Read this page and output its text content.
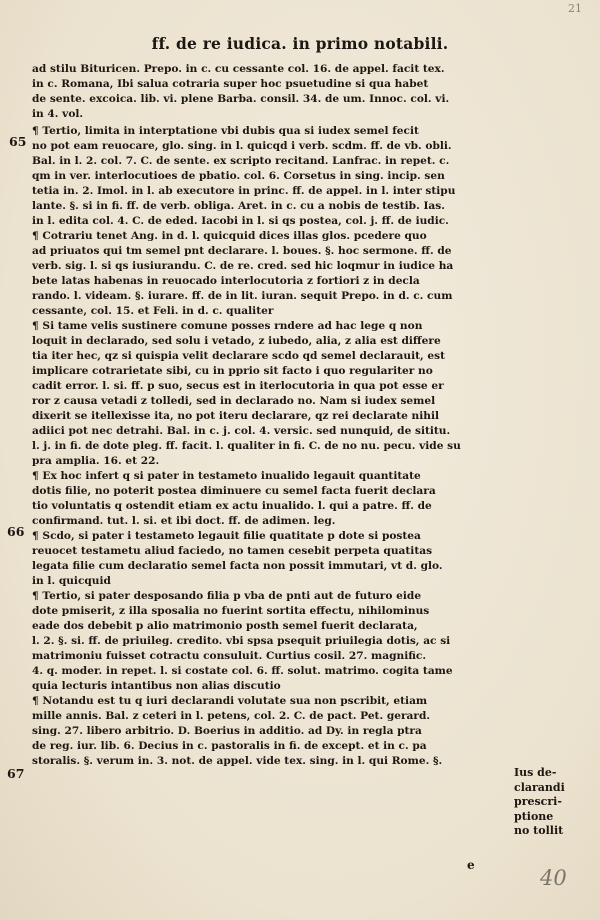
21
ff. de re iudica. in primo notabili.
65
66
67
ad stilu Bituricen. Prepo. in c. cu cessante col. 16. de appel. facit tex.
in c. Romana, Ibi salua cotraria super hoc psuetudine si qua habet
de sente. excoica. lib. vi. plene Barba. consil. 34. de um. Innoc. col. vi.
in 4. vol.
¶ Tertio, limita in interptatione vbi dubis qua si iudex semel fecit
no pot eam reuocare, glo. sing. in l. quicqd i verb. scdm. ff. de vb. obli.
Bal. in l. 2. col. 7. C. de sente. ex scripto recitand. Lanfrac. in repet. c.
qm in ver. interlocutioes de pbatio. col. 6. Corsetus in sing. incip. sen
tetia in. 2. Imol. in l. ab executore in princ. ff. de appel. in l. inter stipu
lante. §. si in fi. ff. de verb. obliga. Aret. in c. cu a nobis de testib. Ias.
in l. edita col. 4. C. de eded. Iacobi in l. si qs postea, col. j. ff. de iudic.
¶ Cotrariu tenet Ang. in d. l. quicquid dices illas glos. pcedere quo
ad priuatos qui tm semel pnt declarare. l. boues. §. hoc sermone. ff. de
verb. sig. l. si qs iusiurandu. C. de re. cred. sed hic loqmur in iudice ha
bete latas habenas in reuocado interlocutoria z fortiori z in decla
rando. l. videam. §. iurare. ff. de in lit. iuran. sequit Prepo. in d. c. cum
cessante, col. 15. et Feli. in d. c. qualiter
¶ Si tame velis sustinere comune posses rndere ad hac lege q non
loquit in declarado, sed solu i vetado, z iubedo, alia, z alia est differe
tia iter hec, qz si quispia velit declarare scdo qd semel declarauit, est
implicare cotrarietate sibi, cu in pprio sit facto i quo regulariter no
cadit error. l. si. ff. p suo, secus est in iterlocutoria in qua pot esse er
ror z causa vetadi z tolledi, sed in declarado no. Nam si iudex semel
dixerit se itellexisse ita, no pot iteru declarare, qz rei declarate nihil
adiici pot nec detrahi. Bal. in c. j. col. 4. versic. sed nunquid, de sititu.
l. j. in fi. de dote pleg. ff. facit. l. qualiter in fi. C. de no nu. pecu. vide su
pra amplia. 16. et 22.
¶ Ex hoc infert q si pater in testameto inualido legauit quantitate
dotis filie, no poterit postea diminuere cu semel facta fuerit declara
tio voluntatis q ostendit etiam ex actu inualido. l. qui a patre. ff. de
confirmand. tut. l. si. et ibi doct. ff. de adimen. leg.
¶ Scdo, si pater i testameto legauit filie quatitate p dote si postea
reuocet testametu aliud faciedo, no tamen cesebit perpeta quatitas
legata filie cum declaratio semel facta non possit immutari, vt d. glo.
in l. quicquid
¶ Tertio, si pater desposando filia p vba de pnti aut de futuro eide
dote pmiserit, z illa sposalia no fuerint sortita effectu, nihilominus
eade dos debebit p alio matrimonio posth semel fuerit declarata,
l. 2. §. si. ff. de priuileg. credito. vbi spsa psequit priuilegia dotis, ac si
matrimoniu fuisset cotractu consuluit. Curtius cosil. 27. magnific.
4. q. moder. in repet. l. si costate col. 6. ff. solut. matrimo. cogita tame
quia lecturis intantibus non alias discutio
¶ Notandu est tu q iuri declarandi volutate sua non pscribit, etiam
mille annis. Bal. z ceteri in l. petens, col. 2. C. de pact. Pet. gerard.
sing. 27. libero arbitrio. D. Boerius in additio. ad Dy. in regla ptra
de reg. iur. lib. 6. Decius in c. pastoralis in fi. de except. et in c. pa
storalis. §. verum in. 3. not. de appel. vide tex. sing. in l. qui Rome. §.
Ius de-
clarandi
prescri-
ptione
no tollit
e
40
